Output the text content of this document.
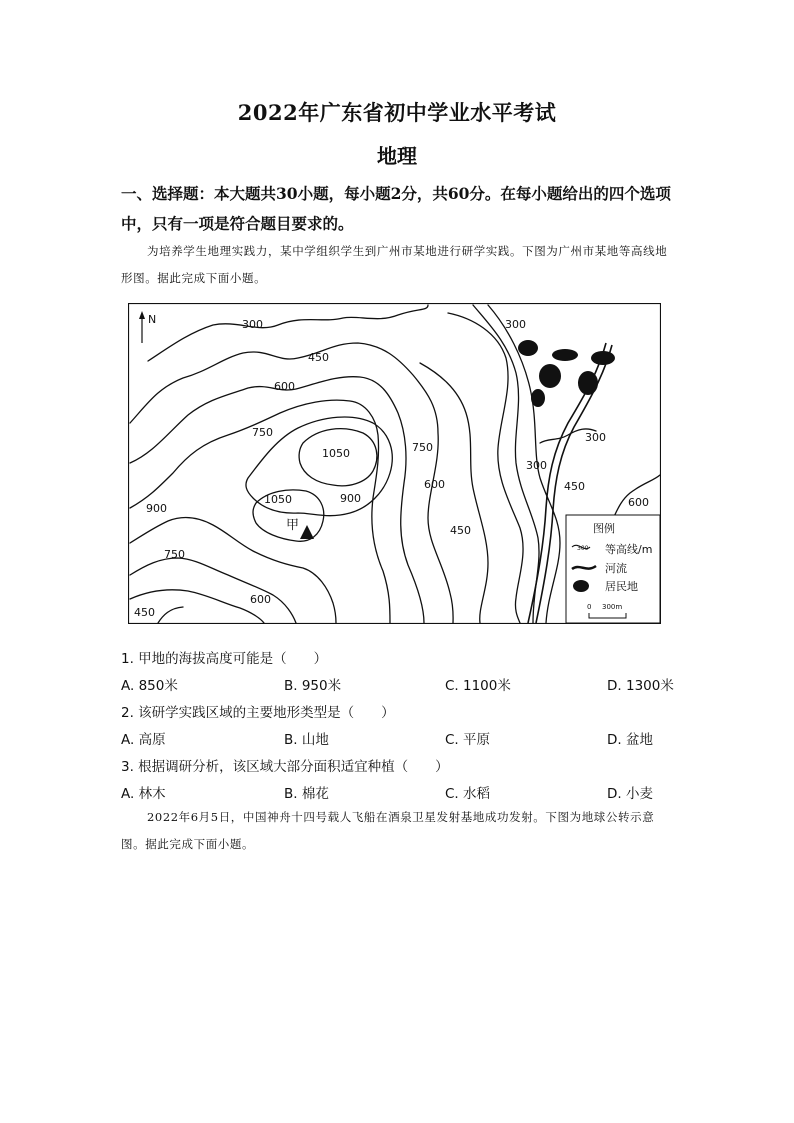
2022年广东省初中学业水平考试
地理
一、选择题：本大题共30小题，每小题2分，共60分。在每小题给出的四个选项中，只有一项是符合题目要求的。
为培养学生地理实践力，某中学组织学生到广州市某地进行研学实践。下图为广州市某地等高线地形图。据此完成下面小题。
N	300
450
600
750
1050
1050	900
750
600
450
900
750
450
600
300
300
300
450
600
甲	图例
300 等高线/m
河流
居民地
0 300m
1. 甲地的海拔高度可能是（　　）
A. 850米	B. 950米	C. 1100米	D. 1300米
2. 该研学实践区域的主要地形类型是（　　）
A. 高原	B. 山地	C. 平原	D. 盆地
3. 根据调研分析，该区域大部分面积适宜种植（　　）
A. 林木	B. 棉花	C. 水稻	D. 小麦
2022年6月5日，中国神舟十四号载人飞船在酒泉卫星发射基地成功发射。下图为地球公转示意图。据此完成下面小题。
